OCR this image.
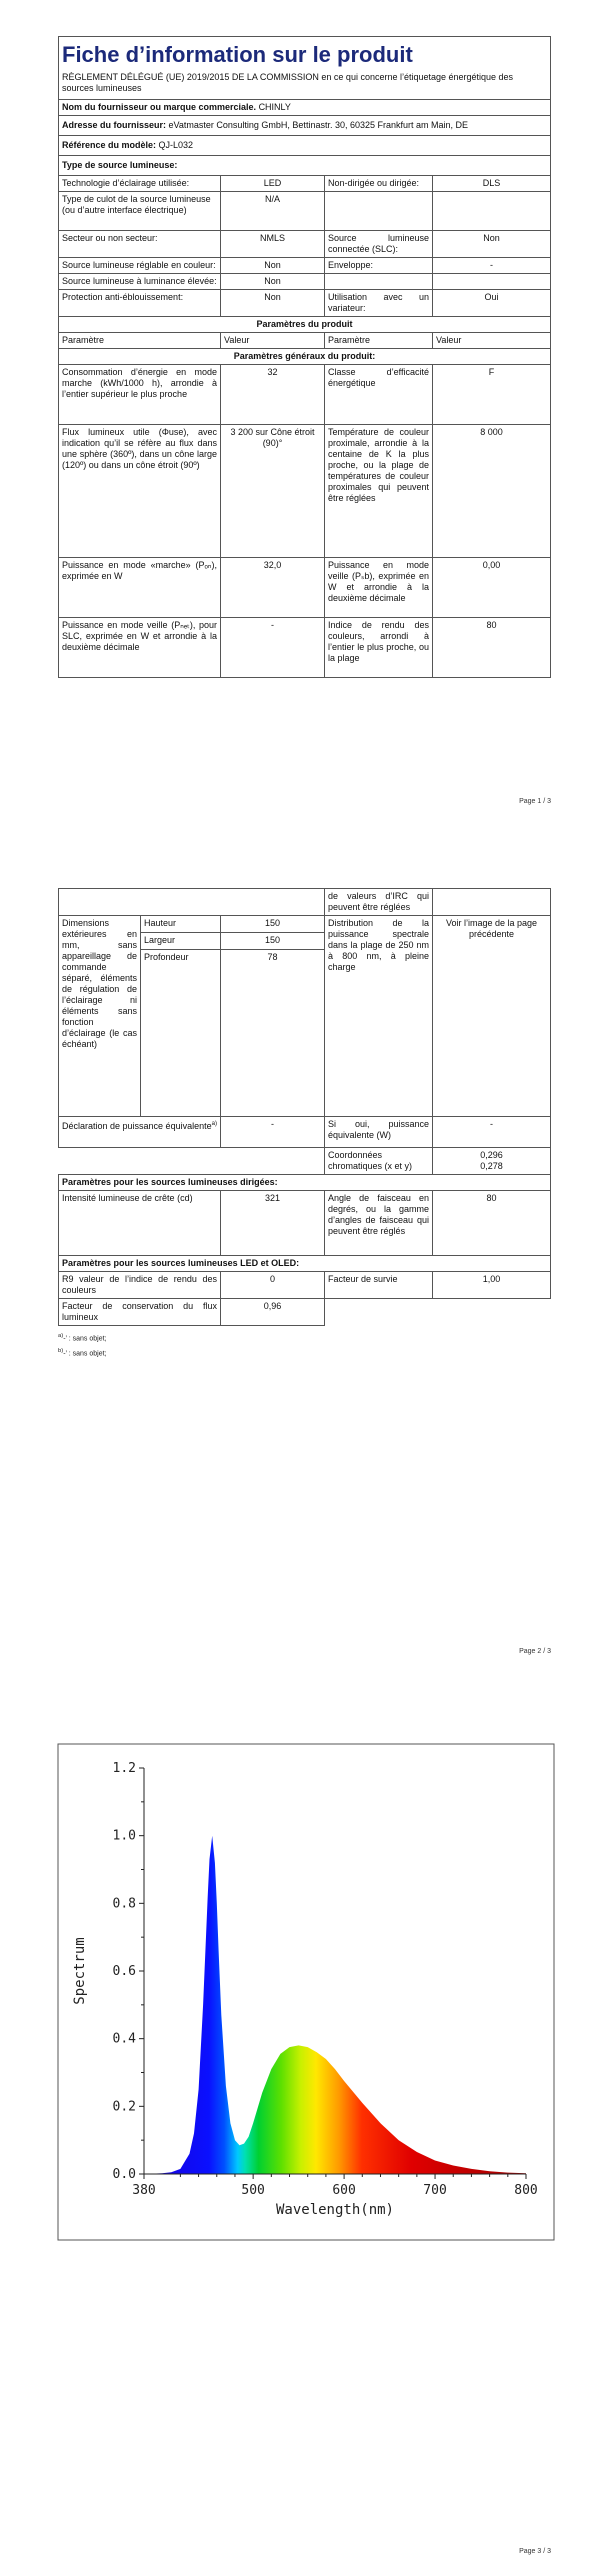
Fiche d’information sur le produit			

RÈGLEMENT DÉLÉGUÉ (UE) 2019/2015 DE LA COMMISSION en ce qui concerne l’étiquetage énergétique des sources lumineuses			
Nom du fournisseur ou marque commerciale. CHINLY			
Adresse du fournisseur: eVatmaster Consulting GmbH, Bettinastr. 30, 60325 Frankfurt am Main, DE			
Référence du modèle: QJ-L032			
Type de source lumineuse:			
Technologie d’éclairage utilisée:	LED	Non-dirigée ou dirigée:	DLS

Type de culot de la source lumineuse
(ou d’autre interface électrique)	N/A		
Secteur ou non secteur:	NMLS	Source lumineuse connectée (SLC):	Non
Source lumineuse réglable en couleur:	Non	Enveloppe:	-
Source lumineuse à luminance élevée:	Non		
Protection anti-éblouissement:	Non	Utilisation avec un variateur:	Oui
Paramètres du produit			
Paramètre	Valeur	Paramètre	Valeur
Paramètres généraux du produit:			
Consommation d’énergie en mode marche (kWh/1000 h), arrondie à l’entier supérieur le plus proche	32	Classe d’efficacité énergétique	F
Flux lumineux utile (Φuse), avec indication qu’il se réfère au flux dans une sphère (360º), dans un cône large (120º) ou dans un cône étroit (90º)	3 200 sur Cône étroit (90)°	Température de couleur proximale, arrondie à la centaine de K la plus proche, ou la plage de températures de couleur proximales qui peuvent être réglées	8 000
Puissance en mode «marche» (Pₒₙ), exprimée en W	32,0	Puissance en mode veille (Pₛb), exprimée en W et arrondie à la deuxième décimale	0,00
Puissance en mode veille (Pₙₑₜ), pour SLC, exprimée en W et arrondie à la deuxième décimale	-	Indice de rendu des couleurs, arrondi à l’entier le plus proche, ou la plage	80
Page 1 / 3
			de valeurs d’IRC qui peuvent être réglées	
Dimensions extérieures en mm, sans appareillage de commande séparé, éléments de régulation de l’éclairage ni éléments sans fonction d’éclairage (le cas échéant)	Hauteur	150	Distribution de la puissance spectrale dans la plage de 250 nm à 800 nm, à pleine charge	Voir l’image de la page précédente
	Largeur	150		
	Profondeur	78		
Déclaration de puissance équivalente$^{a)}$		-	Si oui, puissance équivalente (W)	-
			Coordonnées chromatiques (x et y)	0,296
0,278

Paramètres pour les sources lumineuses dirigées:				
Intensité lumineuse de crête (cd)		321	Angle de faisceau en degrés, ou la gamme d’angles de faisceau qui peuvent être réglés	80
Paramètres pour les sources lumineuses LED et OLED:				
R9 valeur de l’indice de rendu des couleurs		0	Facteur de survie	1,00
Facteur de conservation du flux lumineux		0,96		
$^{a)}$-’ : sans objet;
$^{b)}$-’ : sans objet;
Page 2 / 3
0.0
0.2
0.4
0.6
0.8
1.0
1.2
380	500	600	700	800
Wavelength(nm)
Spectrum
Page 3 / 3
